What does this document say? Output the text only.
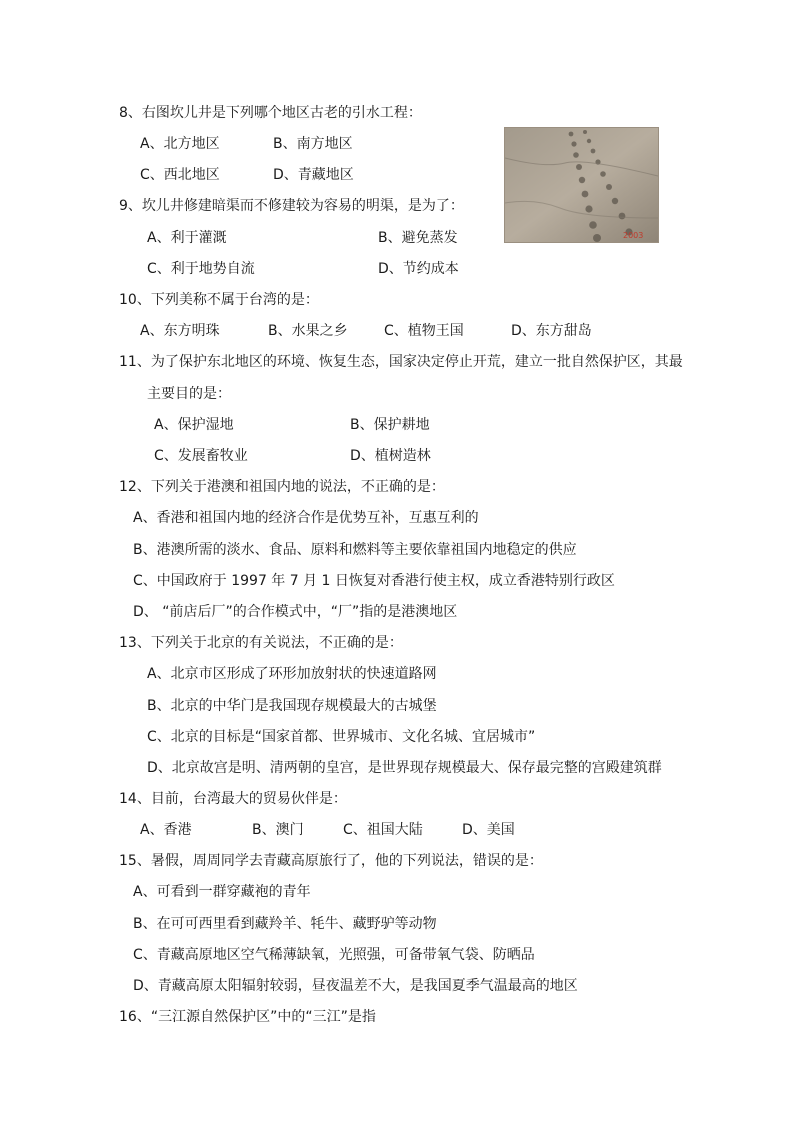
8、右图坎儿井是下列哪个地区古老的引水工程：
A、北方地区	B、南方地区
C、西北地区	D、青藏地区
2003
9、坎儿井修建暗渠而不修建较为容易的明渠，是为了：
A、利于灌溉	B、避免蒸发
C、利于地势自流	D、节约成本
10、下列美称不属于台湾的是：
A、东方明珠	B、水果之乡	C、植物王国	D、东方甜岛
11、为了保护东北地区的环境、恢复生态，国家决定停止开荒，建立一批自然保护区，其最
主要目的是：
A、保护湿地	B、保护耕地
C、发展畜牧业	D、植树造林
12、下列关于港澳和祖国内地的说法，不正确的是：
A、香港和祖国内地的经济合作是优势互补，互惠互利的
B、港澳所需的淡水、食品、原料和燃料等主要依靠祖国内地稳定的供应
C、中国政府于 1997 年 7 月 1 日恢复对香港行使主权，成立香港特别行政区
D、 “前店后厂”的合作模式中，“厂”指的是港澳地区
13、下列关于北京的有关说法，不正确的是：
A、北京市区形成了环形加放射状的快速道路网
B、北京的中华门是我国现存规模最大的古城堡
C、北京的目标是“国家首都、世界城市、文化名城、宜居城市”
D、北京故宫是明、清两朝的皇宫，是世界现存规模最大、保存最完整的宫殿建筑群
14、目前，台湾最大的贸易伙伴是：
A、香港	B、澳门	C、祖国大陆	D、美国
15、暑假，周周同学去青藏高原旅行了，他的下列说法，错误的是：
A、可看到一群穿藏袍的青年
B、在可可西里看到藏羚羊、牦牛、藏野驴等动物
C、青藏高原地区空气稀薄缺氧，光照强，可备带氧气袋、防晒品
D、青藏高原太阳辐射较弱，昼夜温差不大，是我国夏季气温最高的地区
16、“三江源自然保护区”中的“三江”是指
